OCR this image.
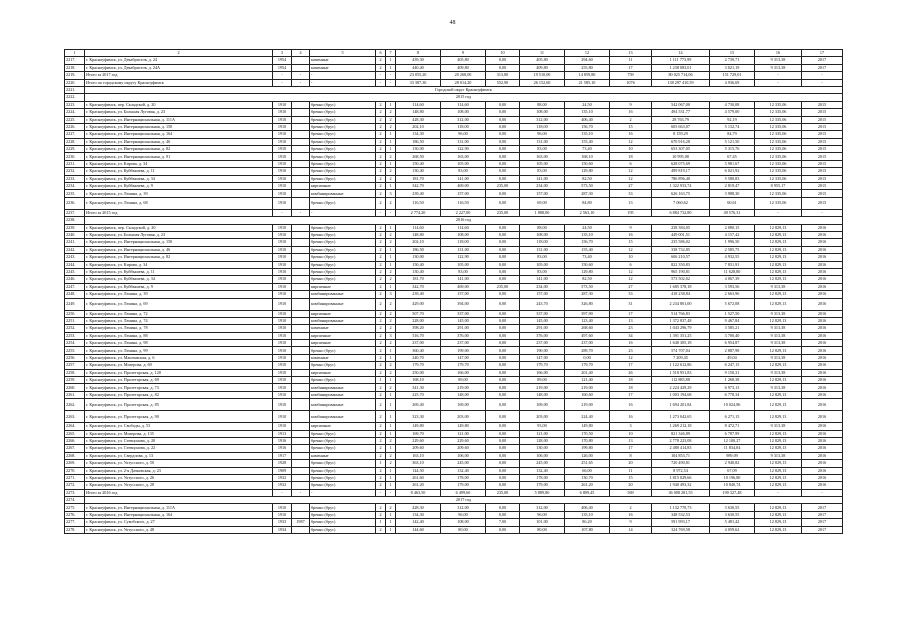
48
1	2	3	4	5	6	7	8	9	10	11	12	13	14	15	16	17
2217.	г. Красноуфимск, ул. Декабристов, д. 24	1954		каменные	2	1	439,30	405,80	0,00	405,80	294,60	11	1 111 773,99	2 739,71	9 313,38	2017
2218.	г. Красноуфимск, ул. Декабристов, д. 24А	1954		каменные	2	1	440,40	409,80	0,00	409,80	255,80	17	1 238 083,01	3 021,19	9 313,38	2017
2219.	Итого за 2017 год	-	-	-	-	-	23 055,20	20 268,00	313,80	19 510,00	14 859,80	759	80 025 714,06	151 729,01	-	-
2220.	Итого по городскому округу Красноуфимск	-	-	-	-	-	33 387,30	28 014,20	552,90	26 152,60	21 585,10	1076	138 297 410,59	4 936,69	-	-
2221.	Городской округ Красноуфимск															
2222.	2015 год															
2223.	г. Красноуфимск, пер. Складской, д. 20	1910		брекно (брус)	2	1	114,60	114,60	0,00	88,00	24,50	9	542 067,00	4 730,08	12 335,06	2015
2224.	г. Красноуфимск, ул. Большая Луговая, д. 23	1910		брекно (брус)	2	2	148,80	108,00	0,00	108,00	135,10	16	494 531,77	4 579,00	12 335,06	2015
2225.	г. Красноуфимск, ул. Интернациональная, д. 111А	1910		брекно (брус)	2	2	428,30	312,00	0,00	312,00	406,40	2	28 763,79	92,19	12 335,06	2015
2226.	г. Красноуфимск, ул. Интернациональная, д. 150	1910		брекно (брус)	2	2	202,10	118,00	0,00	118,00	156,70	15	605 663,07	5 132,74	12 335,06	2015
2227.	г. Красноуфимск, ул. Интернациональная, д. 164	1910		брекно (брус)	2	1	134,30	96,00	0,00	96,00	135,10	16	8 159,29	84,79	12 335,06	2015
2228.	г. Красноуфимск, ул. Интернациональная, д. 46	1910		брекно (брус)	2	1	186,50	131,00	0,00	131,00	155,40	12	670 916,28	5 121,50	12 335,06	2015
2229.	г. Красноуфимск, ул. Интернациональная, д. 82	1910		брекно (брус)	2	1	130,00	122,90	0,00	83,00	73,40	10	653 307,05	5 315,76	12 335,06	2015
2230.	г. Красноуфимск, ул. Интернациональная, д. 91	1910		брекно (брус)	2	2	268,50	163,00	0,00	163,00	168,10	18	10 995,08	67,45	12 335,06	2015
2231.	г. Красноуфимск, ул. Кирова, д. 34	1910		брекно (брус)	2	1	150,40	105,00	0,00	105,00	150,60	6	628 075,69	5 981,67	12 335,06	2015
2232.	г. Красноуфимск, ул. Куйбышева, д. 11	1910		брекно (брус)	2	2	130,40	83,00	0,00	83,00	129,80	12	499 819,17	6 021,92	12 335,06	2015
2233.	г. Красноуфимск, ул. Куйбышева, д. 34	1910		брекно (брус)	2	2	181,70	141,00	0,00	141,00	82,50	12	786 896,40	5 580,83	12 335,06	2015
2234.	г. Красноуфимск, ул. Куйбышева, д. 9	1910		кирпичные	2	1	342,70	469,00	235,00	234,00	573,50	27	1 322 933,74	2 819,47	8 955,17	2015
2235.	г. Красноуфимск, ул. Ленина, д. 39	1910		комбинированные	2	3	239,40	157,00	0,00	157,00	287,30	33	626 163,75	3 988,30	12 335,06	2015
2236.	г. Красноуфимск, ул. Ленина, д. 68	1910		брекно (брус)	2	2	116,50	116,50	0,00	69,00	84,80	13	7 060,62	60,61	12 335,06	2015
2237.	Итого за 2015 год	-	-	-	-	-	2 774,20	2 227,00	235,00	1 888,00	2 563,10	195	6 884 732,80	49 576,31	-	-
2238.	2016 год															
2239.	г. Красноуфимск, пер. Складской, д. 20	1910		брекно (брус)	2	1	114,60	114,60	0,00	88,00	24,50	9	238 384,05	2 080,15	12 829,13	2016
2240.	г. Красноуфимск, ул. Большая Луговая, д. 23	1910		брекно (брус)	2	2	148,80	108,00	0,00	108,00	135,10	16	449 001,51	4 157,42	12 829,13	2016
2241.	г. Красноуфимск, ул. Интернациональная, д. 150	1910		брекно (брус)	2	2	202,10	118,00	0,00	118,00	156,70	15	235 586,02	1 996,50	12 829,13	2016
2242.	г. Красноуфимск, ул. Интернациональная, д. 46	1910		брекно (брус)	2	1	186,50	131,00	0,00	131,00	155,40	12	338 732,85	2 585,75	12 829,13	2016
2243.	г. Красноуфимск, ул. Интернациональная, д. 82	1910		брекно (брус)	2	1	130,00	122,90	0,00	83,00	73,40	10	606 210,57	4 932,55	12 829,13	2016
2244.	г. Красноуфимск, ул. Кирова, д. 34	1910		брекно (брус)	2	1	150,40	105,00	0,00	105,00	150,60	6	822 350,83	7 831,91	12 829,13	2016
2245.	г. Красноуфимск, ул. Куйбышева, д. 11	1910		брекно (брус)	2	2	130,40	83,00	0,00	83,00	129,80	12	965 190,81	11 628,80	12 829,13	2016
2246.	г. Красноуфимск, ул. Куйбышева, д. 34	1910		брекно (брус)	2	2	181,70	141,00	0,00	141,00	82,50	12	573 502,02	4 067,39	12 829,13	2016
2247.	г. Красноуфимск, ул. Куйбышева, д. 9	1910		кирпичные	2	1	342,70	469,00	235,00	234,00	573,50	27	1 685 378,18	3 593,56	9 313,38	2016
2248.	г. Красноуфимск, ул. Ленина, д. 39	1910		комбинированные	2	3	239,40	157,00	0,00	157,00	287,30	33	418 238,84	2 663,96	12 829,13	2016
2249.	г. Красноуфимск, ул. Ленина, д. 69	1910		комбинированные	2	2	429,00	394,00	0,00	243,70	326,80	31	2 234 801,00	5 672,08	12 829,13	2016
2250.	г. Красноуфимск, ул. Ленина, д. 72	1910		кирпичные	2	2	507,70	337,00	0,00	337,00	397,90	17	514 766,83	1 527,50	9 313,38	2016
2251.	г. Красноуфимск, ул. Ленина, д. 74	1910		комбинированные	2	2	228,00	145,00	0,00	145,00	123,40	13	1 372 837,48	9 467,84	12 829,13	2016
2252.	г. Красноуфимск, ул. Ленина, д. 78	1910		каменные	2	2	398,20	291,00	0,00	291,00	268,60	23	1 043 296,79	3 585,21	9 313,38	2016
2253.	г. Красноуфимск, ул. Ленина, д. 88	1910		кирпичные	2	3	516,70	376,00	0,00	376,00	497,60	34	1 391 351,25	3 700,40	9 313,38	2016
2254.	г. Красноуфимск, ул. Ленина, д. 98	1910		кирпичные	2	2	237,00	237,00	0,00	237,00	237,00	16	1 648 305,18	6 954,87	9 313,38	2016
2255.	г. Красноуфимск, ул. Ленина, д. 99	1910		брекно (брус)	2	1	360,40	199,00	0,00	190,00	289,70	23	574 707,04	2 887,98	12 829,13	2016
2256.	г. Красноуфимск, ул. Манчажская, д. 6	1910		каменные	2	1	240,70	147,00	0,00	147,00	0,00	12	7 209,45	49,04	9 313,38	2016
2257.	г. Красноуфимск, ул. Мизерова, д. 69	1910		брекно (брус)	2	2	179,70	179,70	0,00	179,70	179,70	17	1 122 612,86	6 247,15	12 829,13	2016
2258.	г. Красноуфимск, ул. Пролетарская, д. 120	1910		кирпичные	2	2	250,00	166,00	0,00	166,00	201,40	26	1 518 951,83	9 150,31	9 313,38	2016
2259.	г. Красноуфимск, ул. Пролетарская, д. 69	1910		брекно (брус)	1	1	168,10	89,00	0,00	89,00	121,40	18	112 885,88	1 268,38	12 829,13	2016
2260.	г. Красноуфимск, ул. Пролетарская, д. 73	1910		комбинированные	2	2	341,30	219,00	0,00	219,00	219,00	18	2 224 429,29	6 973,13	9 313,38	2016
2261.	г. Красноуфимск, ул. Пролетарская, д. 82	1910		комбинированные	2	1	225,70	148,00	0,00	148,00	160,60	17	1 003 194,68	6 778,34	12 829,13	2016
2262.	г. Красноуфимск, ул. Пролетарская, д. 85	1910		комбинированные	2	1	269,40	169,00	0,00	169,00	219,00	16	1 694 201,84	10 024,86	12 829,13	2016
2263.	г. Красноуфимск, ул. Пролетарская, д. 90	1910		комбинированные	2	1	323,30	203,00	0,00	203,00	224,40	16	1 273 042,65	6 271,15	12 829,13	2016
2264.	г. Красноуфимск, ул. Свободы, д. 53	1910		кирпичные	2	1	149,80	149,80	0,00	93,00	149,80	3	1 269 212,18	8 472,71	9 313,38	2016
2265.	г. Красноуфимск, ул. Мизерова, д. 135	1913		брекно (брус)	2	1	169,70	121,00	0,00	121,00	170,50	10	821 346,89	6 787,99	12 829,13	2016
2266.	г. Красноуфимск, ул. Стевцонова, д. 20	1916		брекно (брус)	2	2	229,60	229,60	0,00	128,00	170,80	13	2 778 223,08	12 100,27	12 829,13	2016
2267.	г. Красноуфимск, ул. Стевцонова, д. 22	1916		брекно (брус)	2	1	209,60	209,60	0,00	130,00	199,80	17	2 480 414,83	11 834,04	12 829,13	2016
2268.	г. Красноуфимск, ул. Свердлова, д. 13	1917		каменные	2	2	163,10	106,00	0,00	106,00	126,00	8	104 853,71	989,09	9 313,38	2016
2269.	г. Красноуфимск, ул. Уктусского, д. 50	1928		брекно (брус)	1	2	363,10	245,00	0,00	245,00	251,65	20	720 490,81	2 940,82	12 829,13	2016
2270.	г. Красноуфимск, ул. 2-я Дачковская, д. 23	1909		брекно (брус)	2	1	144,50	132,40	0,00	132,40	66,00	11	8 972,54	67,09	12 829,13	2016
2271.	г. Красноуфимск, ул. Уктусского, д. 26	1932		брекно (брус)	2	1	261,60	178,00	0,00	178,00	130,70	15	1 815 029,66	10 196,80	12 829,13	2016
2272.	г. Красноуфимск, ул. Уктусского, д. 28	1932		брекно (брус)	2	1	261,20	179,00	0,00	179,00	261,20	20	1 940 493,32	10 840,74	12 829,13	2016
2273.	Итого за 2016 год	-	-	-	-	-	8 463,50	6 499,60	235,00	5 889,80	6 809,45	569	36 008 281,55	190 327,48	-	-
2274.	2017 год															
2275.	г. Красноуфимск, ул. Интернациональная, д. 111А	1910		брекно (брус)	2	2	428,30	312,00	0,00	312,00	406,40	2	1 132 770,73	3 630,55	12 829,13	2017
2276.	г. Красноуфимск, ул. Интернациональная, д. 164	1910		брекно (брус)	2	1	134,30	96,00	0,00	96,00	135,10	16	348 532,53	3 630,55	12 829,13	2017
2277.	г. Красноуфимск, ул. Сувобского, д. 27	1933	1987	брекно (брус)	1	1	142,40	108,00	7,00	101,00	86,20	9	591 993,17	5 481,42	12 829,13	2017
2278.	г. Красноуфимск, ул. Уктусского, д. 48	1934		брекно (брус)	2	1	144,60	80,00	0,00	80,00	107,80	14	324 769,58	4 059,62	12 829,13	2017
